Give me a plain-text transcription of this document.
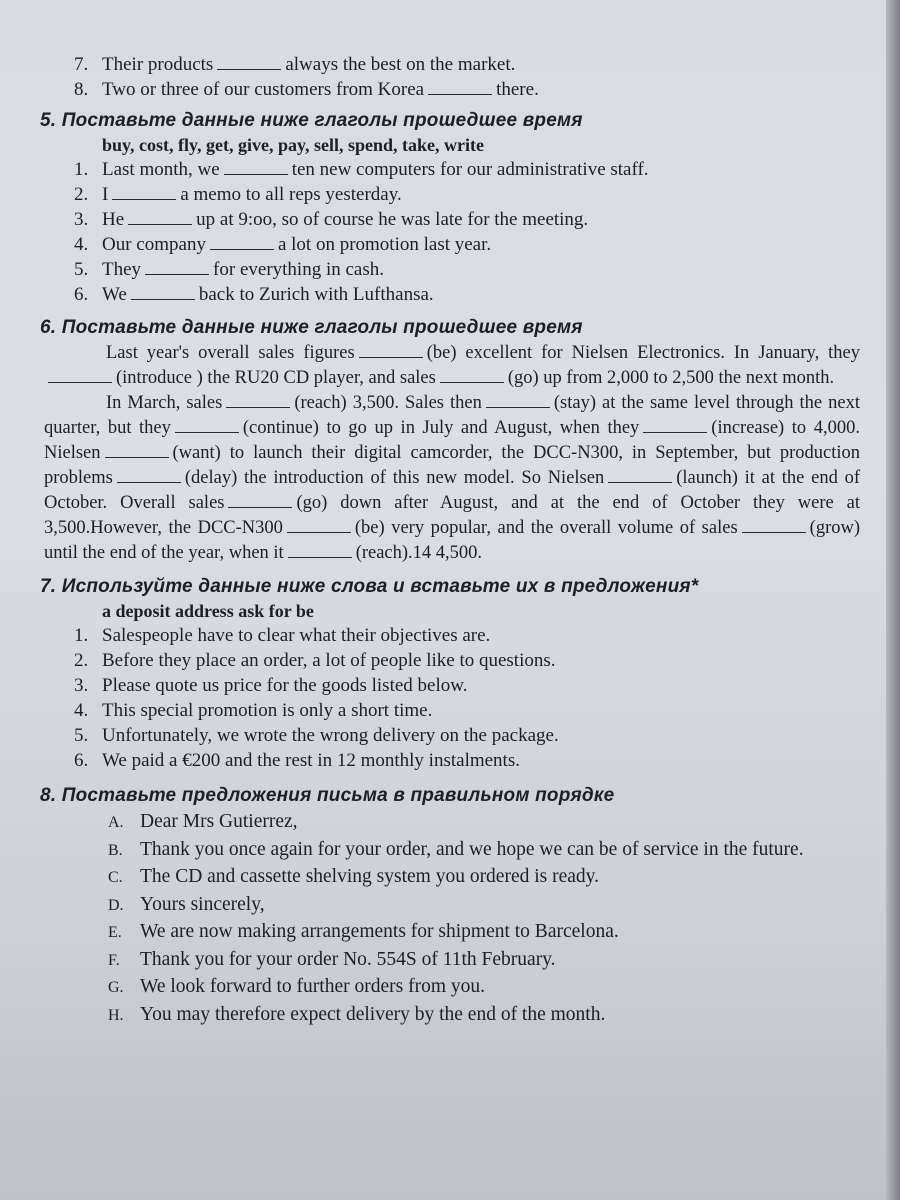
7. Their products	always the best on the market.
8. Two or three of our customers from Korea	there.
5. Поставьте данные ниже глаголы прошедшее время
buy, cost, fly, get, give, pay, sell, spend, take, write
1. Last month, we	ten new computers for our administrative staff.
2. I	a memo to all reps yesterday.
3. He	up at 9:oo, so of course he was late for the meeting.
4. Our company	a lot on promotion last year.
5. They	for everything in cash.
6. We	back to Zurich with Lufthansa.
6. Поставьте данные ниже глаголы прошедшее время

Last year's overall sales figures	(be) excellent for Nielsen Electronics. In January, they(introduce ) the RU20 CD player, and sales	(go) up from 2,000 to 2,500 the next month.

In March, sales	(reach) 3,500. Sales then	(stay) at the same level through the next quarter, but they	(continue) to go up in July and August, when they	(increase) to 4,000. Nielsen	(want) to launch their digital camcorder, the DCC-N300, in September, but production problems	(delay) the introduction of this new model. So Nielsen	(launch) it at the end of October. Overall sales	(go) down after August, and at the end of October they were at 3,500.However, the DCC-N300	(be) very popular, and the overall volume of sales	(grow) until the end of the year, when it	(reach).14 4,500.

7. Используйте данные ниже слова и вставьте их в предложения*
a deposit address ask for be
1. Salespeople have to clear what their objectives are.
2. Before they place an order, a lot of people like to questions.
3. Please quote us price for the goods listed below.
4. This special promotion is only a short time.
5. Unfortunately, we wrote the wrong delivery on the package.
6. We paid a €200 and the rest in 12 monthly instalments.
8. Поставьте предложения письма в правильном порядке
A. Dear Mrs Gutierrez,
B. Thank you once again for your order, and we hope we can be of service in the future.
C. The CD and cassette shelving system you ordered is ready.
D. Yours sincerely,
E. We are now making arrangements for shipment to Barcelona.
F. Thank you for your order No. 554S of 11th February.
G. We look forward to further orders from you.
H. You may therefore expect delivery by the end of the month.
